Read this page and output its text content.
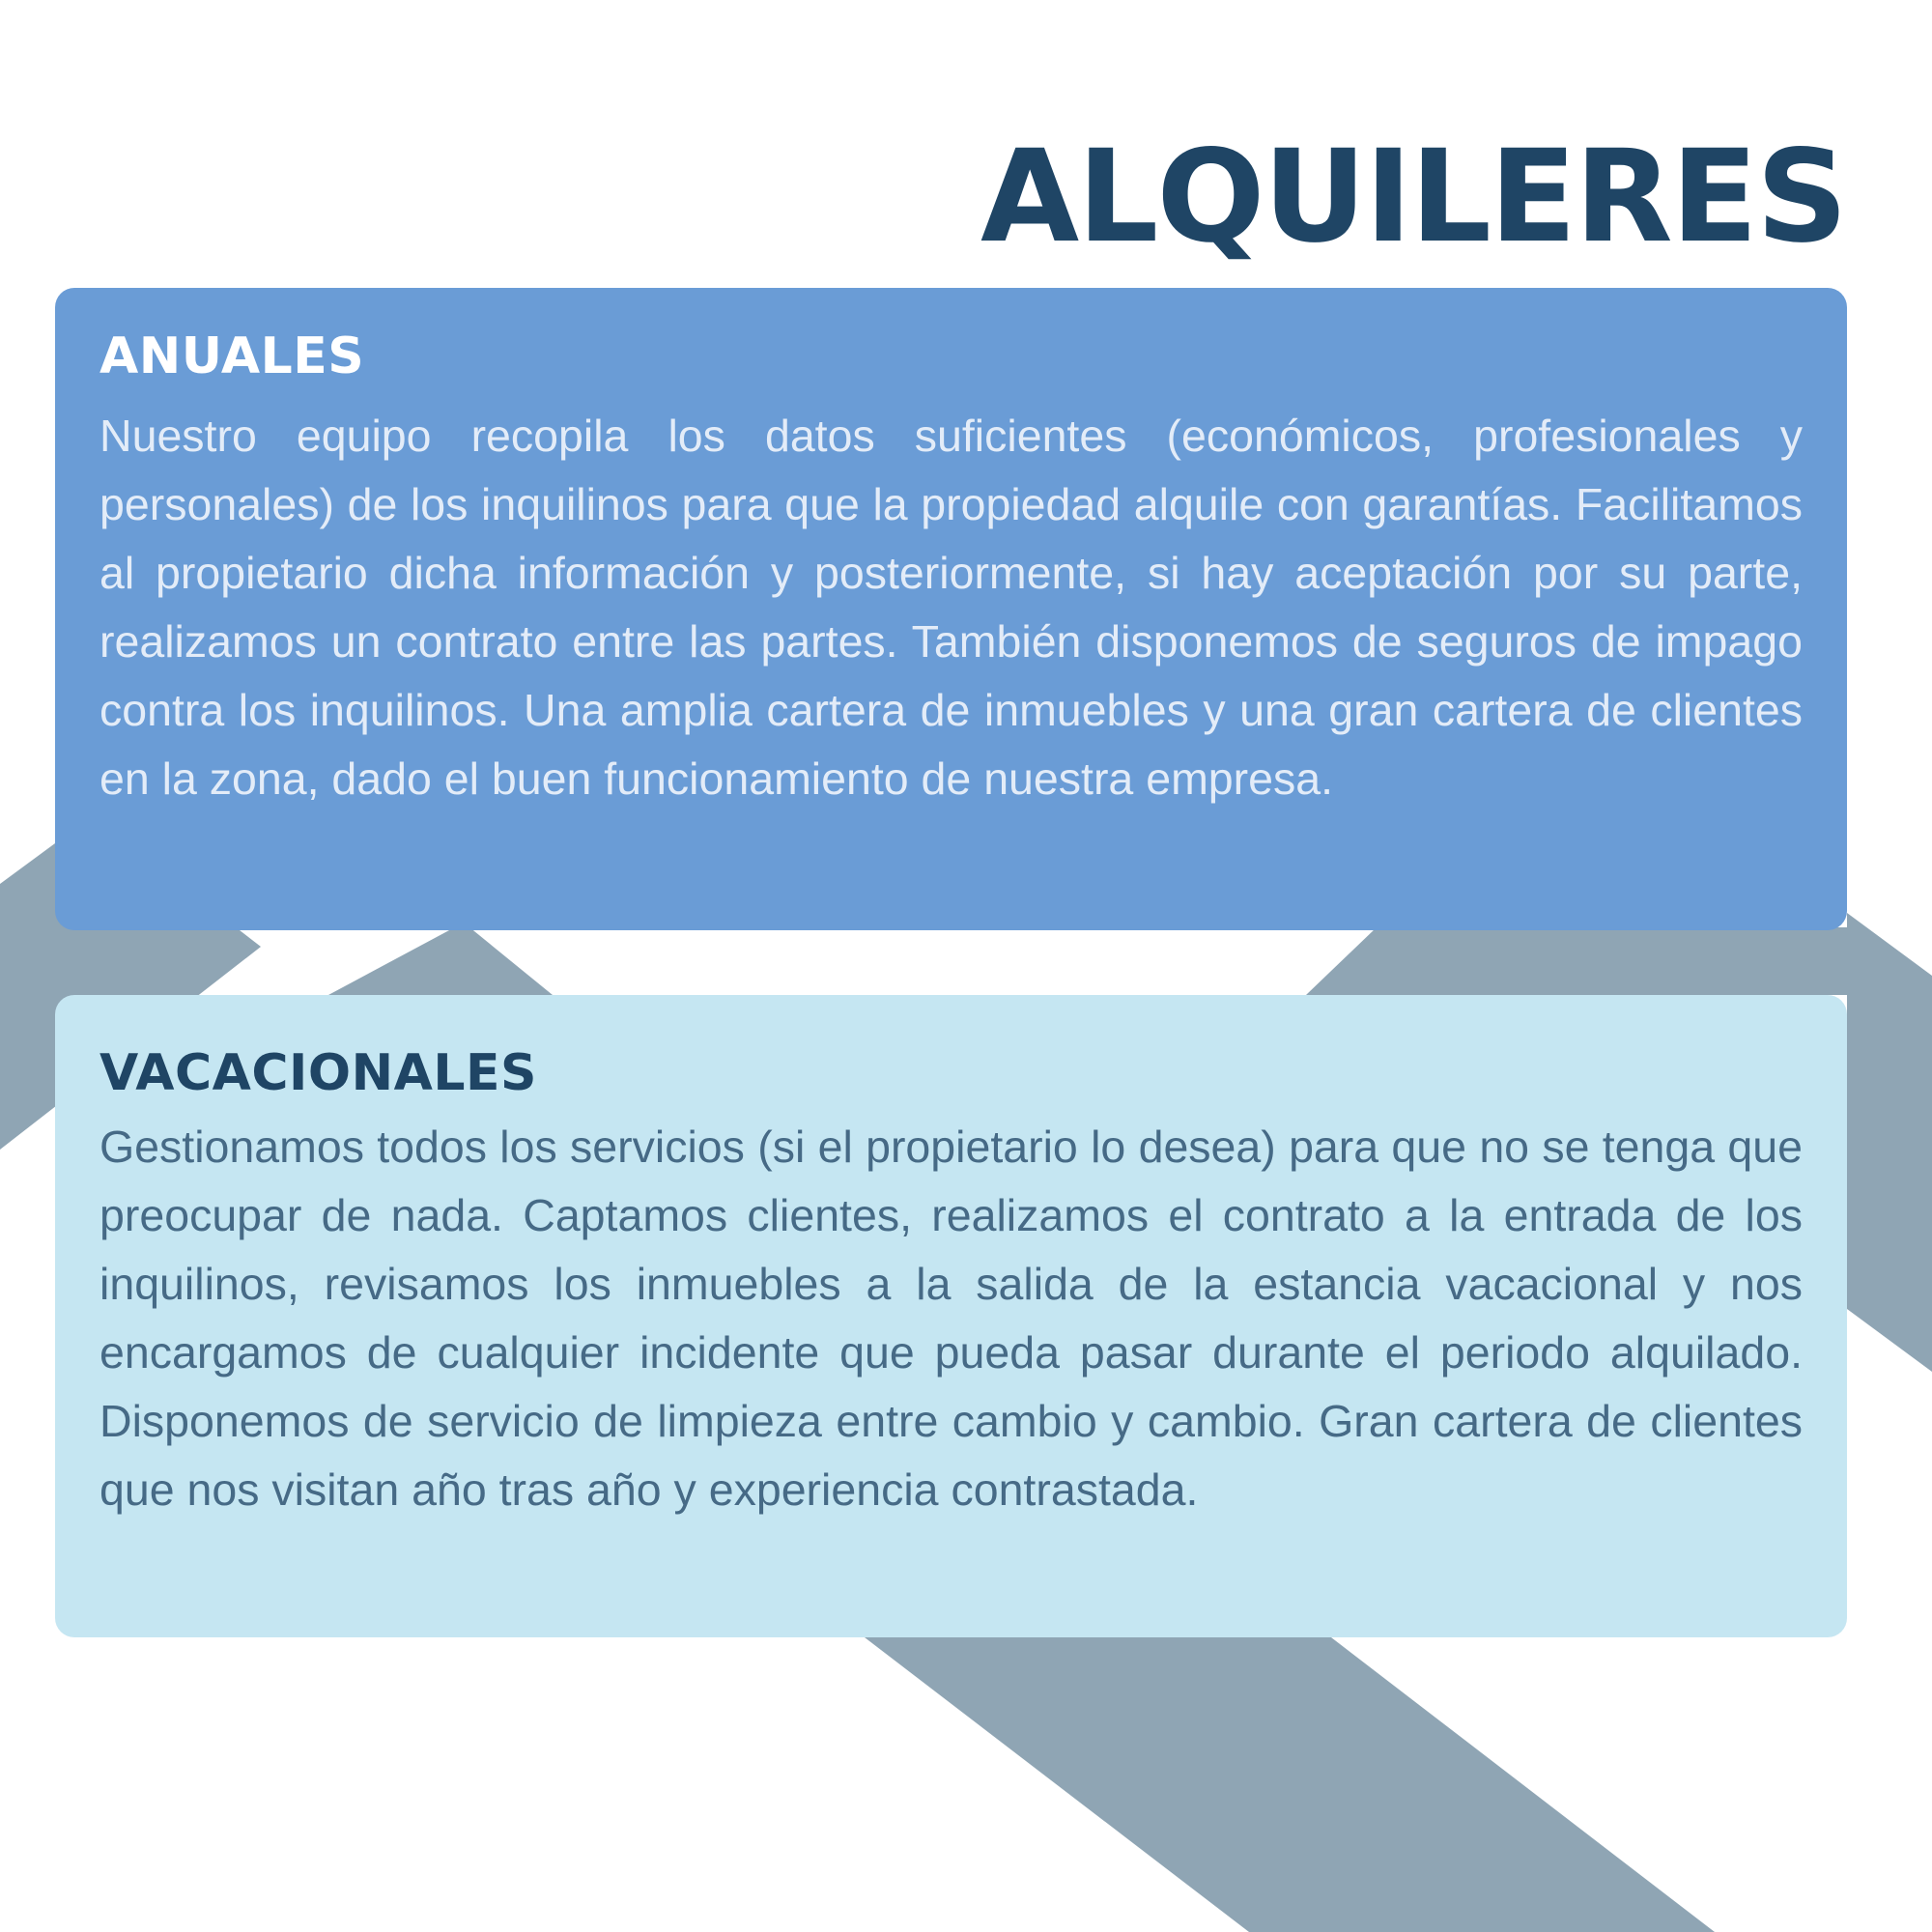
ALQUILERES
ANUALES

Nuestro equipo recopila los datos suficientes (económicos, profesionales y personales) de los inquilinos para que la propiedad alquile con garantías. Facilitamos al propietario dicha información y posteriormente, si hay aceptación por su parte, realizamos un contrato entre las partes. También disponemos de seguros de impago contra los inquilinos. Una amplia cartera de inmuebles y una gran cartera de clientes en la zona, dado el buen funcionamiento de nuestra empresa.

VACACIONALES

Gestionamos todos los servicios (si el propietario lo desea) para que no se tenga que preocupar de nada. Captamos clientes, realizamos el contrato a la entrada de los inquilinos, revisamos los inmuebles a la salida de la estancia vacacional y nos encargamos de cualquier incidente que pueda pasar durante el periodo alquilado. Disponemos de servicio de limpieza entre cambio y cambio. Gran cartera de clientes que nos visitan año tras año y experiencia contrastada.
